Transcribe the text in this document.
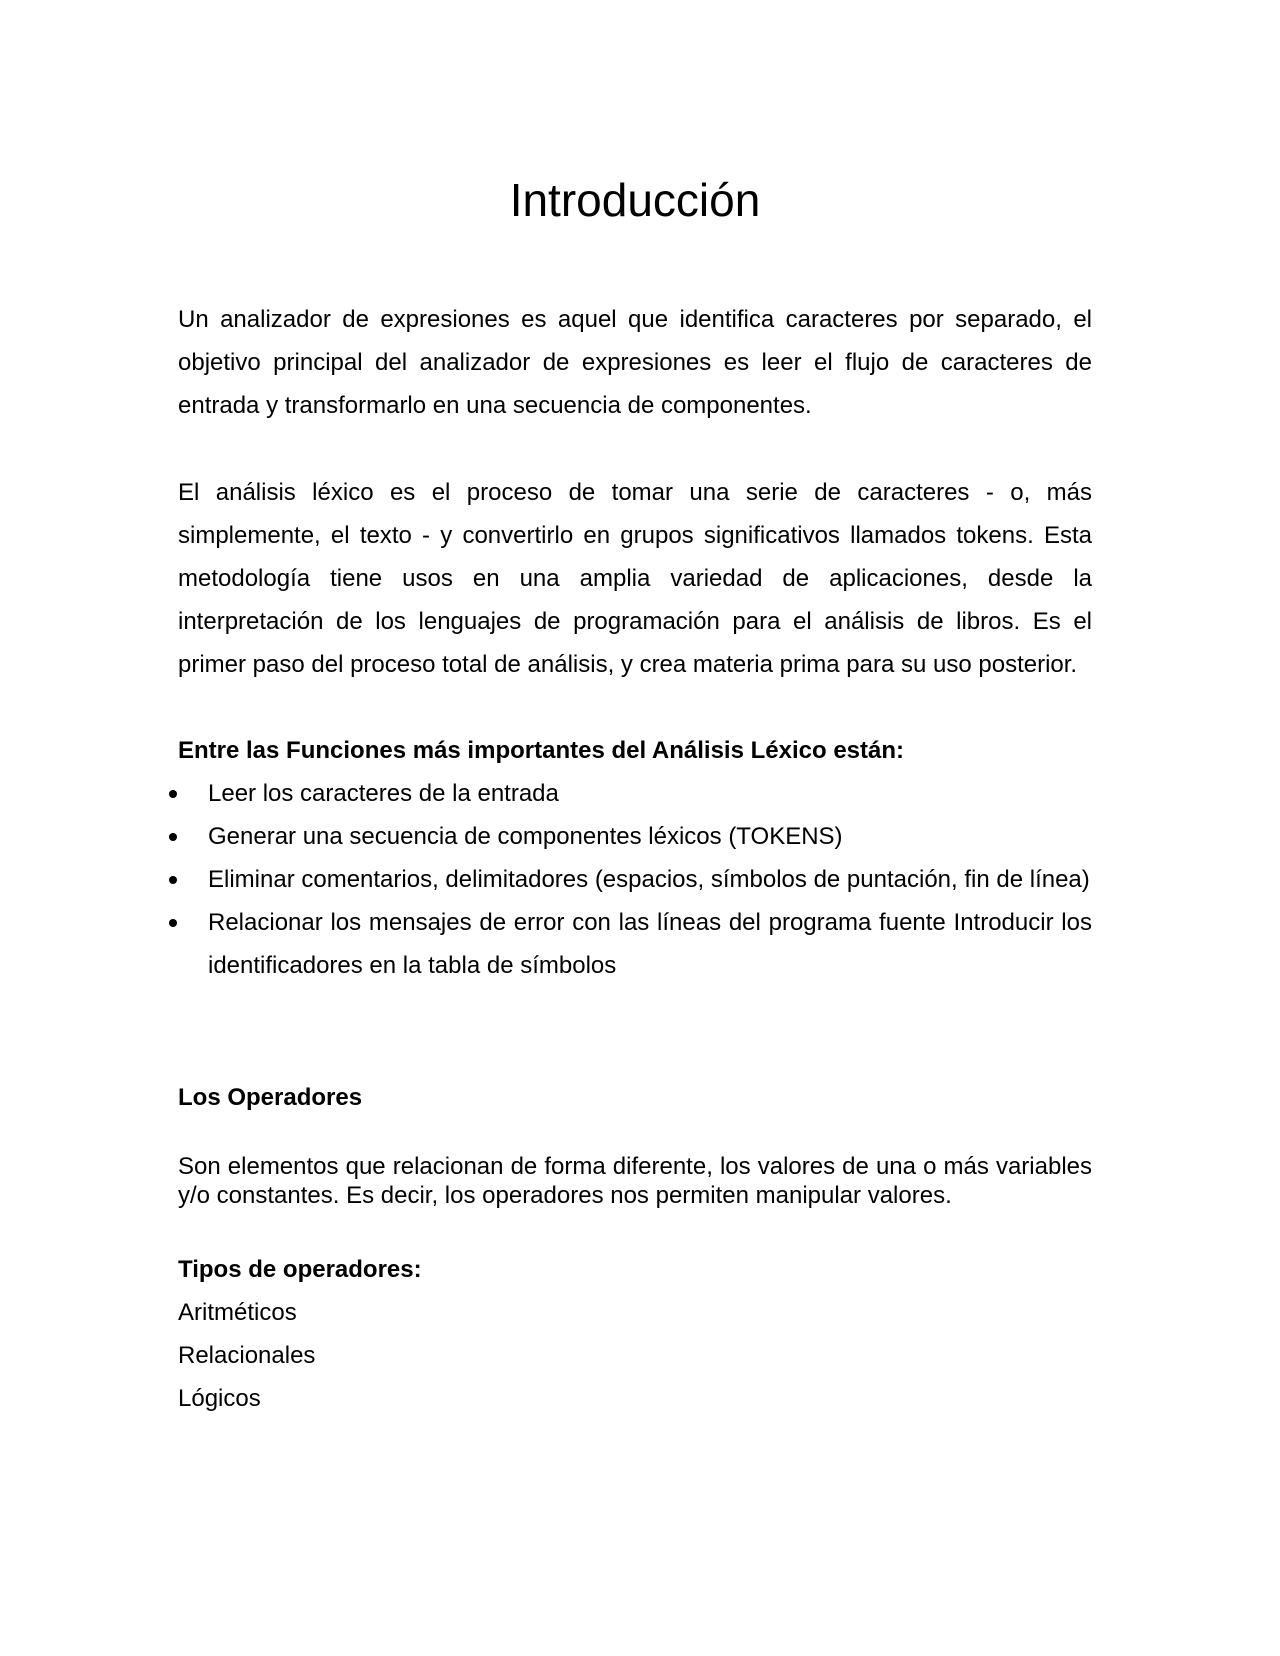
Introducción

Un analizador de expresiones es aquel que identifica caracteres por separado, el objetivo principal del analizador de expresiones es leer el flujo de caracteres de entrada y transformarlo en una secuencia de componentes.

El análisis léxico es el proceso de tomar una serie de caracteres - o, más simplemente, el texto - y convertirlo en grupos significativos llamados tokens. Esta metodología tiene usos en una amplia variedad de aplicaciones, desde la interpretación de los lenguajes de programación para el análisis de libros. Es el primer paso del proceso total de análisis, y crea materia prima para su uso posterior.

Entre las Funciones más importantes del Análisis Léxico están:

Leer los caracteres de la entrada
Generar una secuencia de componentes léxicos (TOKENS)
Eliminar comentarios, delimitadores (espacios, símbolos de puntación, fin de línea)
Relacionar los mensajes de error con las líneas del programa fuente Introducir los identificadores en la tabla de símbolos

Los Operadores

Son elementos que relacionan de forma diferente, los valores de una o más variables y/o constantes. Es decir, los operadores nos permiten manipular valores.

Tipos de operadores:

Aritméticos
Relacionales
Lógicos
